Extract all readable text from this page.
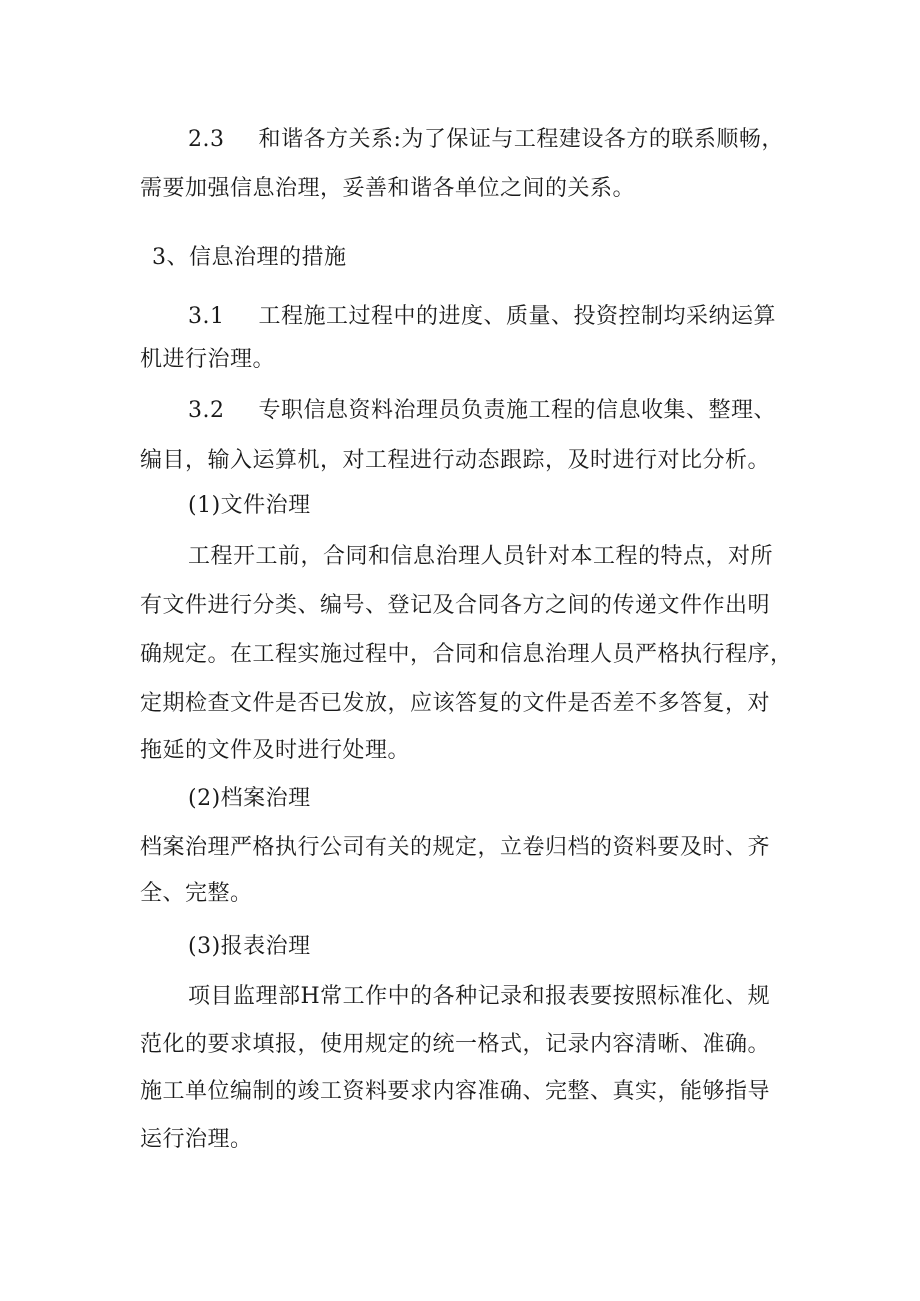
2.3 和谐各方关系:为了保证与工程建设各方的联系顺畅，
需要加强信息治理，妥善和谐各单位之间的关系。
3、信息治理的措施
3.1 工程施工过程中的进度、质量、投资控制均采纳运算
机进行治理。
3.2 专职信息资料治理员负责施工程的信息收集、整理、
编目，输入运算机，对工程进行动态跟踪，及时进行对比分析。
(1)文件治理
工程开工前，合同和信息治理人员针对本工程的特点，对所
有文件进行分类、编号、登记及合同各方之间的传递文件作出明
确规定。在工程实施过程中，合同和信息治理人员严格执行程序，
定期检查文件是否已发放，应该答复的文件是否差不多答复，对
拖延的文件及时进行处理。
(2)档案治理
档案治理严格执行公司有关的规定，立卷归档的资料要及时、齐
全、完整。
(3)报表治理
项目监理部H常工作中的各种记录和报表要按照标准化、规
范化的要求填报，使用规定的统一格式，记录内容清晰、准确。
施工单位编制的竣工资料要求内容准确、完整、真实，能够指导
运行治理。
